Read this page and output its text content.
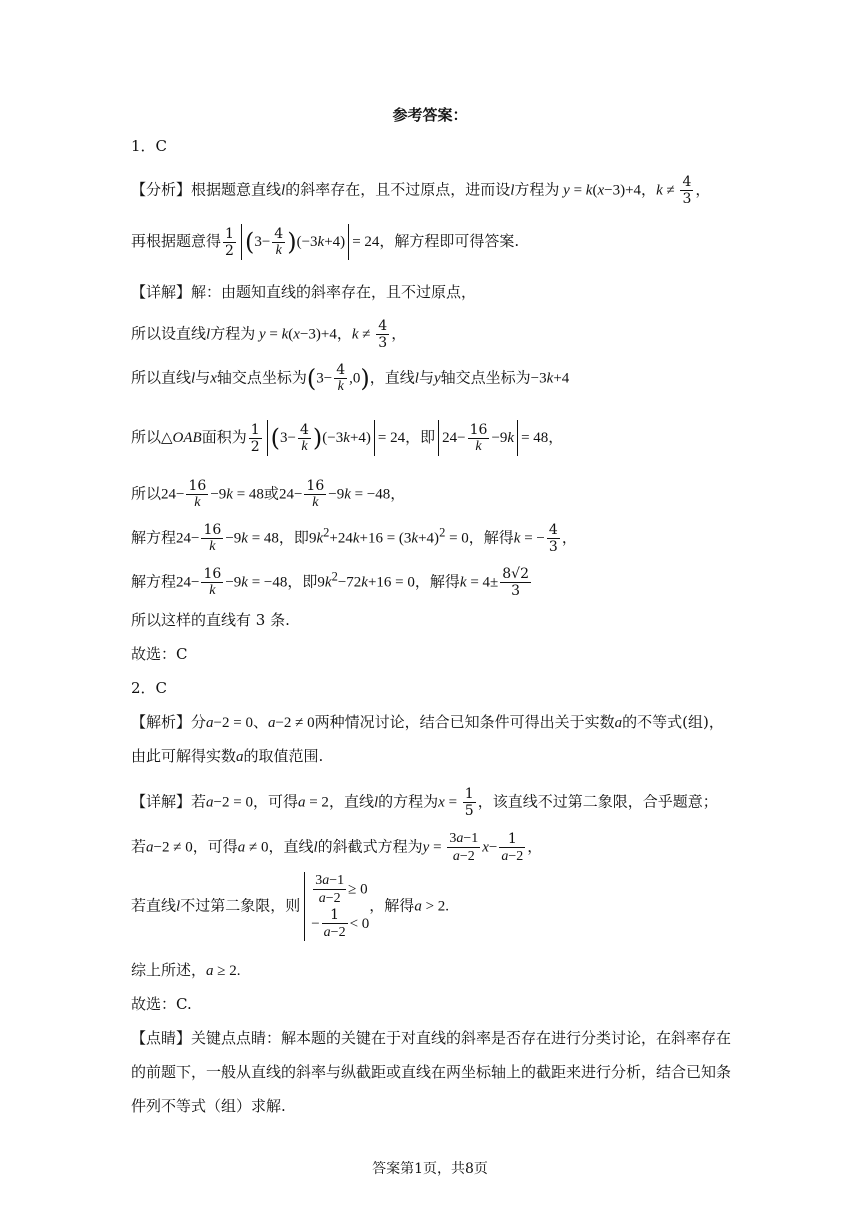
参考答案：
1．C
【分析】根据题意直线l的斜率存在，且不过原点，进而设l方程为 y = k(x−3)+4，$k \ne \frac{4}{3}$ ，
再根据题意得 $\frac{1}{2} (3- \frac{4}{k} )(-3k+4) = 24$，解方程即可得答案.
【详解】解：由题知直线的斜率存在，且不过原点，
所以设直线l方程为 y = k(x−3)+4，$k \ne \frac{4}{3}$ ，
所以直线l与x轴交点坐标为$(3- \frac{4}{k} ,0)$，直线l与y轴交点坐标为−3k+4
所以△OAB面积为 $\frac{1}{2} (3- \frac{4}{k} )(-3k+4) = 24$，即 $24- \frac{16}{k} -9k = 48$，
所以$24- \frac{16}{k} -9k = 48$或$24- \frac{16}{k} -9k = -48$，
解方程$24- \frac{16}{k} -9k = 48$，即$9k^2+24k+16 = (3k+4)^2 = 0$，解得k = − $\frac{4}{3}$ ，
解方程$24- \frac{16}{k} -9k = -48$，即$9k^2-72k+16 = 0$，解得$k = 4\pm \frac{8√2}{3}$
所以这样的直线有 3 条.
故选：C
2．C
【解析】分a−2 = 0、a−2 ≠ 0两种情况讨论，结合已知条件可得出关于实数a的不等式(组)，
由此可解得实数a的取值范围.
【详解】若a−2 = 0，可得a = 2，直线l的方程为$x = \frac{1}{5}$ ，该直线不过第二象限，合乎题意；
若a−2 ≠ 0，可得a ≠ 0，直线l的斜截式方程为$y = \frac{3a-1}{a-2} x- \frac{1}{a-2}$ ，
若直线l不过第二象限，则 $\frac{3a-1}{a-2} \ge 0$
− $\frac{1}{a-2} < 0$
，解得a > 2.
综上所述，a ≥ 2.
故选：C.
【点睛】关键点点睛：解本题的关键在于对直线的斜率是否存在进行分类讨论，在斜率存在
的前题下，一般从直线的斜率与纵截距或直线在两坐标轴上的截距来进行分析，结合已知条
件列不等式（组）求解.
答案第1页，共8页
